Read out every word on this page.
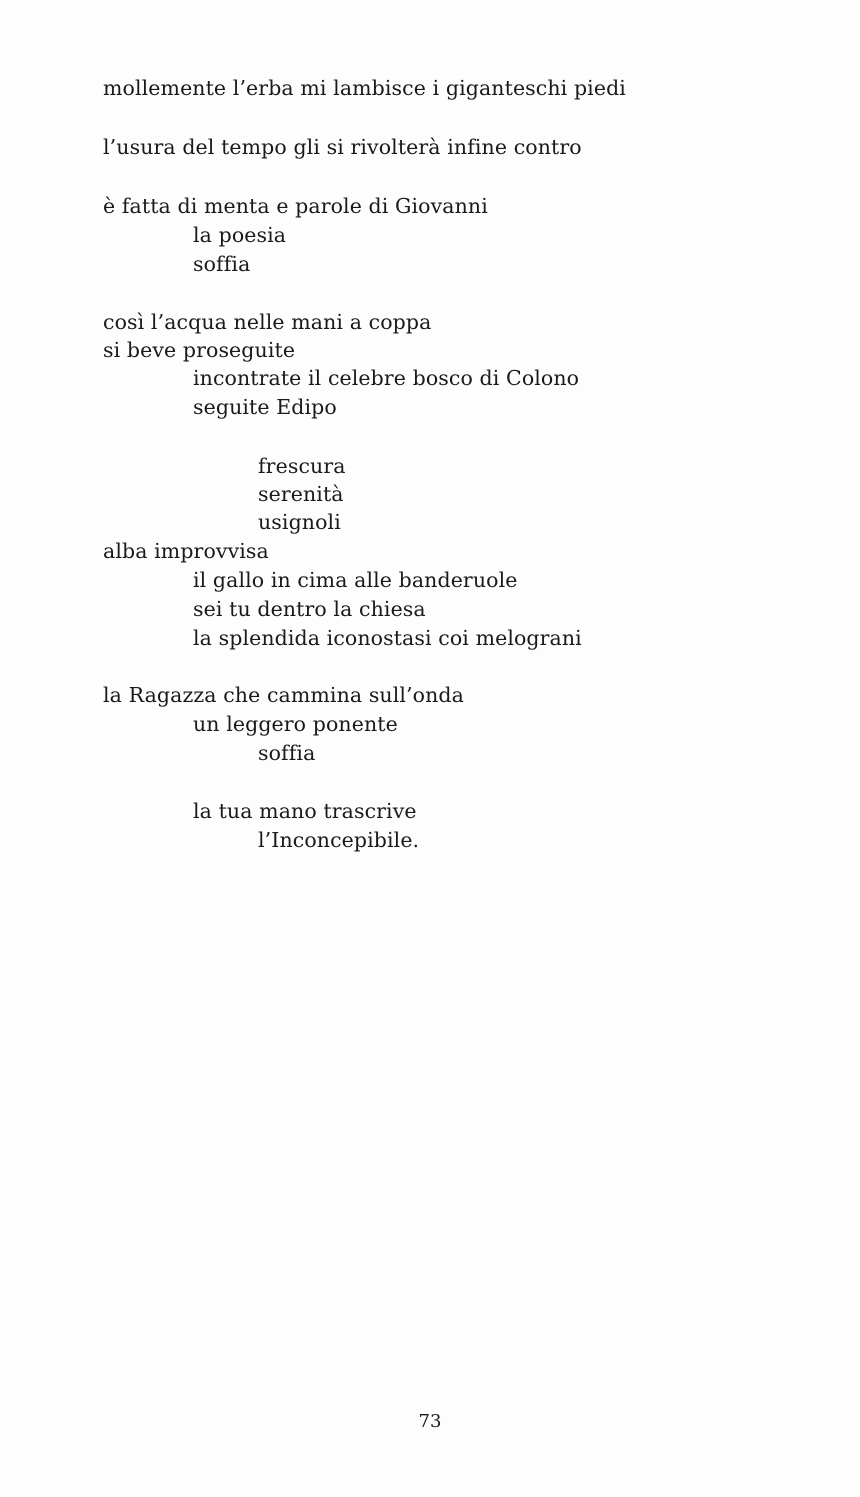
mollemente l’erba mi lambisce i giganteschi piedi
l’usura del tempo gli si rivolterà infine contro
è fatta di menta e parole di Giovanni
la poesia
soffia
così l’acqua nelle mani a coppa
si beve proseguite
incontrate il celebre bosco di Colono
seguite Edipo
frescura
serenità
usignoli
alba improvvisa
il gallo in cima alle banderuole
sei tu dentro la chiesa
la splendida iconostasi coi melograni
la Ragazza che cammina sull’onda
un leggero ponente
soffia
la tua mano trascrive
l’Inconcepibile.
73
